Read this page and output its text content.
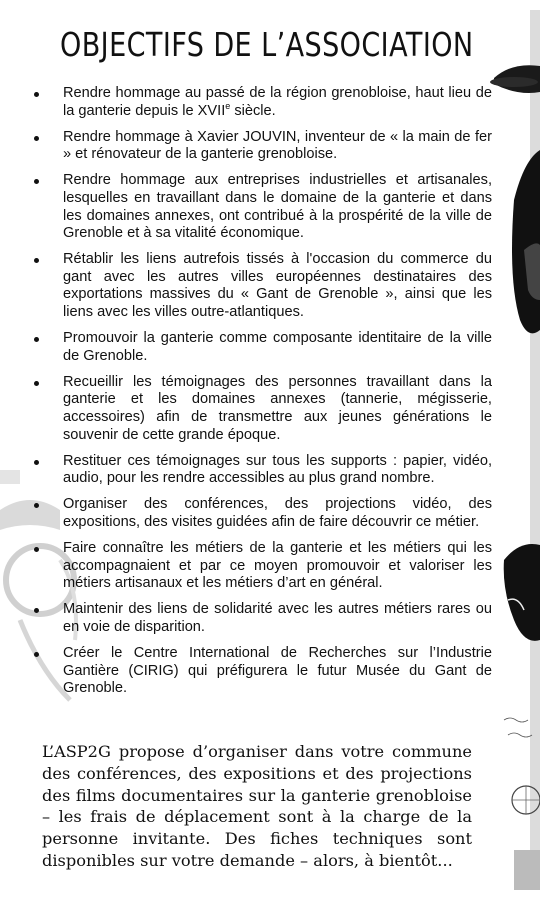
OBJECTIFS DE L’ASSOCIATION
Rendre hommage au passé de la région grenobloise, haut lieu de la ganterie depuis le XVIIe siècle.
Rendre hommage à Xavier JOUVIN, inventeur de « la main de fer » et rénovateur de la ganterie grenobloise.
Rendre hommage aux entreprises industrielles et artisanales, lesquelles en travaillant dans le domaine de la ganterie et dans les domaines annexes, ont contribué à la prospérité de la ville de Grenoble et à sa vitalité économique.
Rétablir les liens autrefois tissés à l'occasion du commerce du gant avec les autres villes européennes destinataires des exportations massives du « Gant de Grenoble », ainsi que les liens avec les villes outre-atlantiques.
Promouvoir la ganterie comme composante identitaire de la ville de Grenoble.
Recueillir les témoignages des personnes travaillant dans la ganterie et les domaines annexes (tannerie, mégisserie, accessoires) afin de transmettre aux jeunes générations le souvenir de cette grande époque.
Restituer ces témoignages sur tous les supports : papier, vidéo, audio, pour les rendre accessibles au plus grand nombre.
Organiser des conférences, des projections vidéo, des expositions, des visites guidées afin de faire découvrir ce métier.
Faire connaître les métiers de la ganterie et les métiers qui les accompagnaient et par ce moyen promouvoir et valoriser les métiers artisanaux et les métiers d’art en général.
Maintenir des liens de solidarité avec les autres métiers rares ou en voie de disparition.
Créer le Centre International de Recherches sur l’Industrie Gantière (CIRIG) qui préfigurera le futur Musée du Gant de Grenoble.

L’ASP2G propose d’organiser dans votre commune des conférences, des expositions et des projections des films documentaires sur la ganterie grenobloise – les frais de déplacement sont à la charge de la personne invitante. Des fiches techniques sont disponibles sur votre demande – alors, à bientôt...
